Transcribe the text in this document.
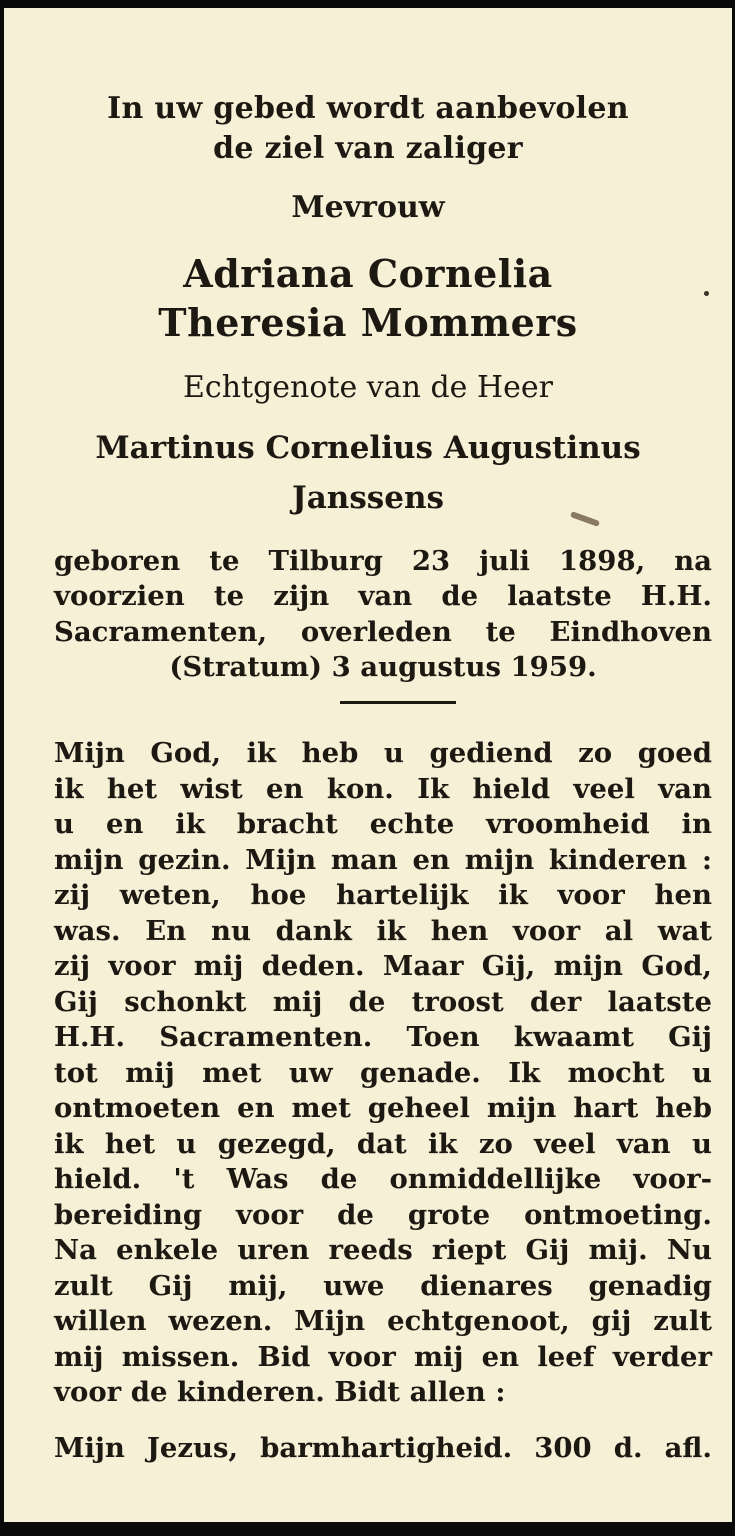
In uw gebed wordt aanbevolen
de ziel van zaliger
Mevrouw
Adriana Cornelia
Theresia Mommers
Echtgenote van de Heer
Martinus Cornelius Augustinus
Janssens
geboren te Tilburg 23 juli 1898, na
voorzien te zijn van de laatste H.H.
Sacramenten, overleden te Eindhoven
(Stratum) 3 augustus 1959.
Mijn God, ik heb u gediend zo goed
ik het wist en kon. Ik hield veel van
u en ik bracht echte vroomheid in
mijn gezin. Mijn man en mijn kinderen :
zij weten, hoe hartelijk ik voor hen
was. En nu dank ik hen voor al wat
zij voor mij deden. Maar Gij, mijn God,
Gij schonkt mij de troost der laatste
H.H. Sacramenten. Toen kwaamt Gij
tot mij met uw genade. Ik mocht u
ontmoeten en met geheel mijn hart heb
ik het u gezegd, dat ik zo veel van u
hield. 't Was de onmiddellijke voor-
bereiding voor de grote ontmoeting.
Na enkele uren reeds riept Gij mij. Nu
zult Gij mij, uwe dienares genadig
willen wezen. Mijn echtgenoot, gij zult
mij missen. Bid voor mij en leef verder
voor de kinderen. Bidt allen :
Mijn Jezus, barmhartigheid. 300 d. afl.
